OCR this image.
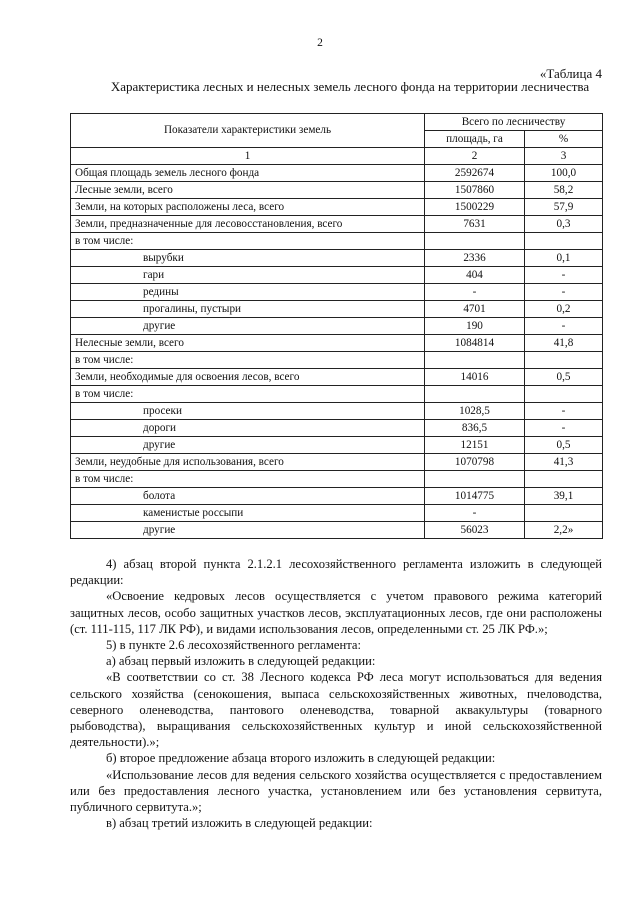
2
«Таблица 4
Характеристика лесных и нелесных земель лесного фонда на территории лесничества
Показатели характеристики земель	Всего по лесничеству	
	площадь, га	%
1	2	3
Общая площадь земель лесного фонда	2592674	100,0
Лесные земли, всего	1507860	58,2
Земли, на которых расположены леса, всего	1500229	57,9
Земли, предназначенные для лесовосстановления, всего	7631	0,3
в том числе:		
вырубки	2336	0,1
гари	404	-
редины	-	-
прогалины, пустыри	4701	0,2
другие	190	-
Нелесные земли, всего	1084814	41,8
в том числе:		
Земли, необходимые для освоения лесов, всего	14016	0,5
в том числе:		
просеки	1028,5	-
дороги	836,5	-
другие	12151	0,5
Земли, неудобные для использования, всего	1070798	41,3
в том числе:		
болота	1014775	39,1
каменистые россыпи	-	
другие	56023	2,2»

4) абзац второй пункта 2.1.2.1 лесохозяйственного регламента изложить в следующей редакции:

«Освоение кедровых лесов осуществляется с учетом правового режима категорий защитных лесов, особо защитных участков лесов, эксплуатационных лесов, где они расположены (ст. 111-115, 117 ЛК РФ), и видами использования лесов, определенными ст. 25 ЛК РФ.»;

5) в пункте 2.6 лесохозяйственного регламента:

а) абзац первый изложить в следующей редакции:

«В соответствии со ст. 38 Лесного кодекса РФ леса могут использоваться для ведения сельского хозяйства (сенокошения, выпаса сельскохозяйственных животных, пчеловодства, северного оленеводства, пантового оленеводства, товарной аквакультуры (товарного рыбоводства), выращивания сельскохозяйственных культур и иной сельскохозяйственной деятельности).»;

б) второе предложение абзаца второго изложить в следующей редакции:

«Использование лесов для ведения сельского хозяйства осуществляется с предоставлением или без предоставления лесного участка, установлением или без установления сервитута, публичного сервитута.»;

в) абзац третий изложить в следующей редакции:
